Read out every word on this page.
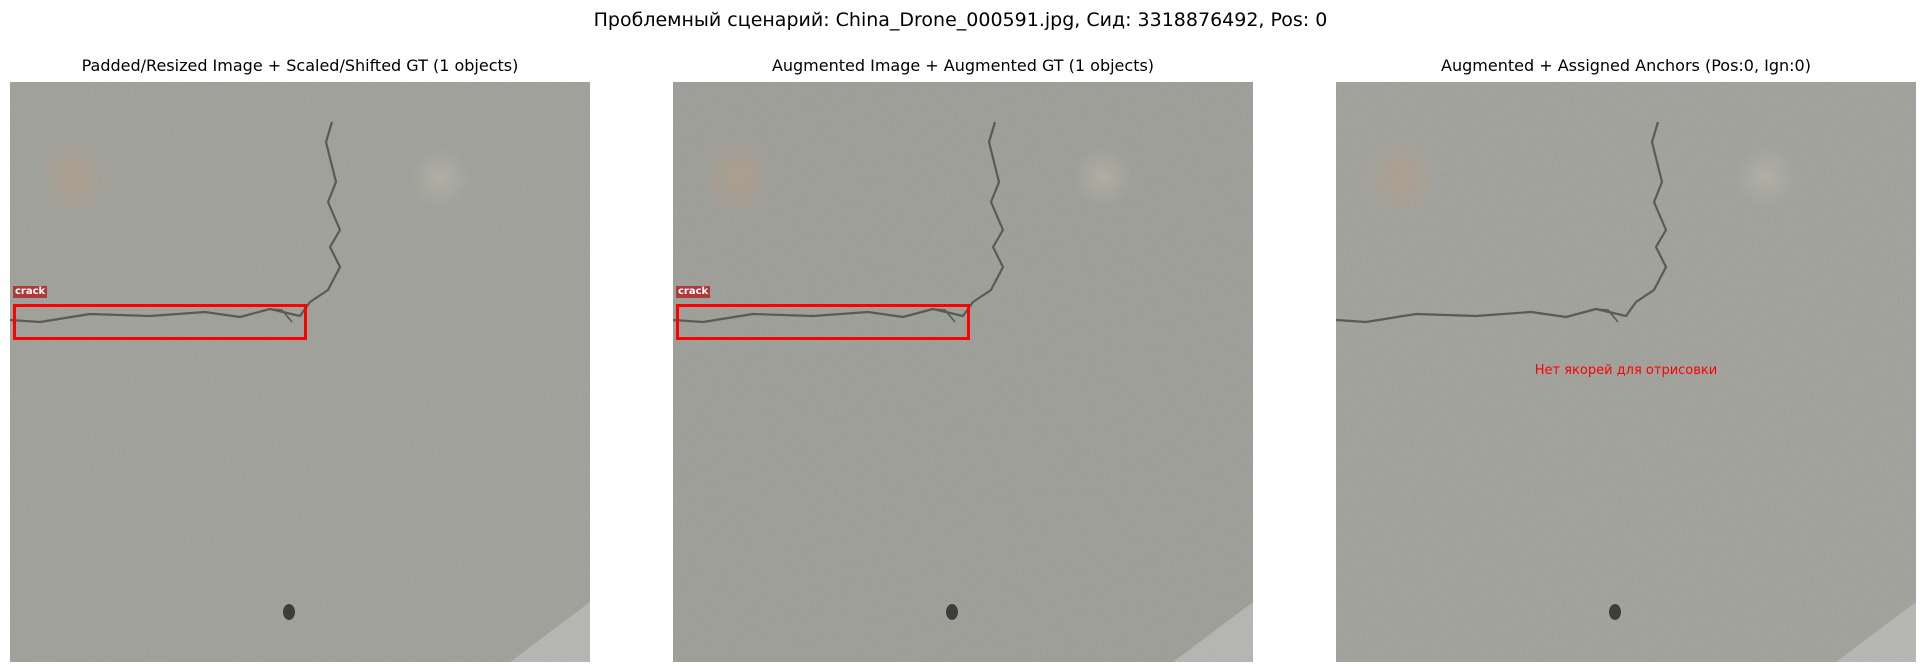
Проблемный сценарий: China_Drone_000591.jpg, Сид: 3318876492, Pos: 0
Padded/Resized Image + Scaled/Shifted GT (1 objects)
crack
Augmented Image + Augmented GT (1 objects)
crack
Augmented + Assigned Anchors (Pos:0, Ign:0)
Нет якорей для отрисовки
